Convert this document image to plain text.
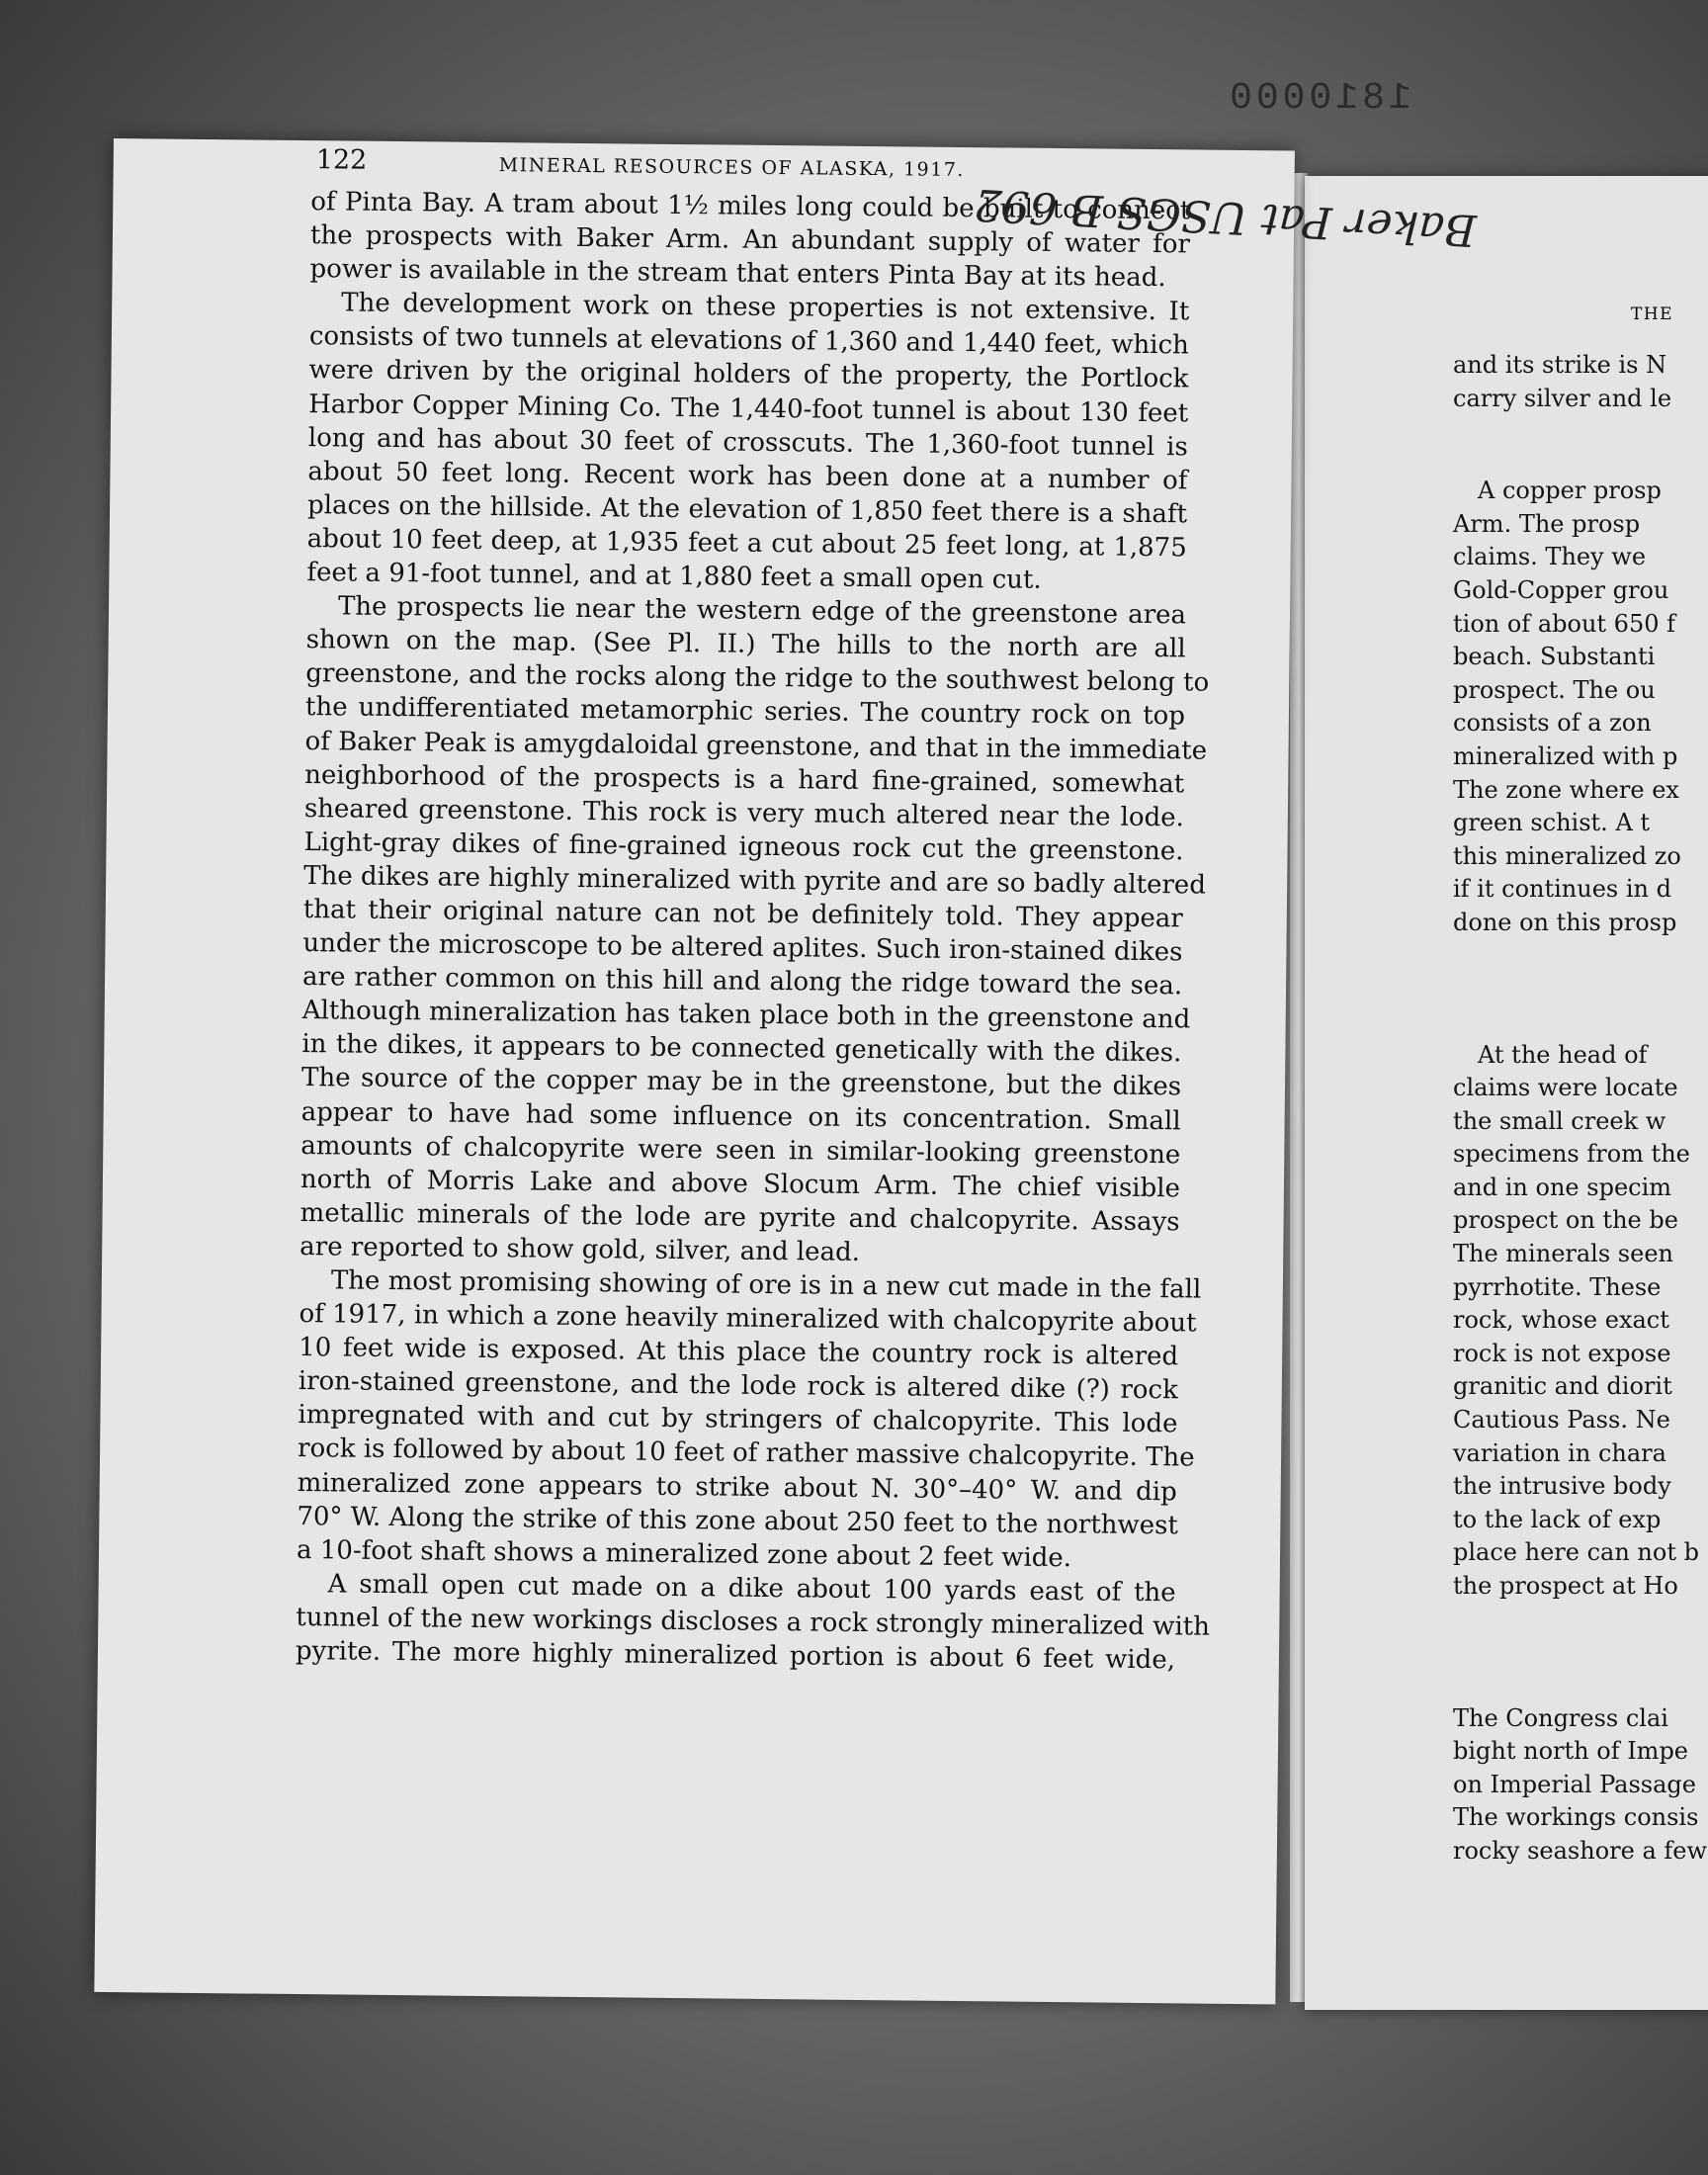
1810000
THE
and its strike is N
carry silver and le
A copper prosp
Arm. The prosp
claims. They we
Gold-Copper grou
tion of about 650 f
beach. Substanti
prospect. The ou
consists of a zon
mineralized with p
The zone where ex
green schist. A t
this mineralized zo
if it continues in d
done on this prosp
At the head of
claims were locate
the small creek w
specimens from the
and in one specim
prospect on the be
The minerals seen
pyrrhotite. These
rock, whose exact
rock is not expose
granitic and diorit
Cautious Pass. Ne
variation in chara
the intrusive body
to the lack of exp
place here can not b
the prospect at Ho
The Congress clai
bight north of Impe
on Imperial Passage
The workings consis
rocky seashore a few
122	MINERAL RESOURCES OF ALASKA, 1917.
of Pinta Bay. A tram about 1½ miles long could be built to connect
the prospects with Baker Arm. An abundant supply of water for
power is available in the stream that enters Pinta Bay at its head.
The development work on these properties is not extensive. It
consists of two tunnels at elevations of 1,360 and 1,440 feet, which
were driven by the original holders of the property, the Portlock
Harbor Copper Mining Co. The 1,440-foot tunnel is about 130 feet
long and has about 30 feet of crosscuts. The 1,360-foot tunnel is
about 50 feet long. Recent work has been done at a number of
places on the hillside. At the elevation of 1,850 feet there is a shaft
about 10 feet deep, at 1,935 feet a cut about 25 feet long, at 1,875
feet a 91-foot tunnel, and at 1,880 feet a small open cut.
The prospects lie near the western edge of the greenstone area
shown on the map. (See Pl. II.) The hills to the north are all
greenstone, and the rocks along the ridge to the southwest belong to
the undifferentiated metamorphic series. The country rock on top
of Baker Peak is amygdaloidal greenstone, and that in the immediate
neighborhood of the prospects is a hard fine-grained, somewhat
sheared greenstone. This rock is very much altered near the lode.
Light-gray dikes of fine-grained igneous rock cut the greenstone.
The dikes are highly mineralized with pyrite and are so badly altered
that their original nature can not be definitely told. They appear
under the microscope to be altered aplites. Such iron-stained dikes
are rather common on this hill and along the ridge toward the sea.
Although mineralization has taken place both in the greenstone and
in the dikes, it appears to be connected genetically with the dikes.
The source of the copper may be in the greenstone, but the dikes
appear to have had some influence on its concentration. Small
amounts of chalcopyrite were seen in similar-looking greenstone
north of Morris Lake and above Slocum Arm. The chief visible
metallic minerals of the lode are pyrite and chalcopyrite. Assays
are reported to show gold, silver, and lead.
The most promising showing of ore is in a new cut made in the fall
of 1917, in which a zone heavily mineralized with chalcopyrite about
10 feet wide is exposed. At this place the country rock is altered
iron-stained greenstone, and the lode rock is altered dike (?) rock
impregnated with and cut by stringers of chalcopyrite. This lode
rock is followed by about 10 feet of rather massive chalcopyrite. The
mineralized zone appears to strike about N. 30°–40° W. and dip
70° W. Along the strike of this zone about 250 feet to the northwest
a 10-foot shaft shows a mineralized zone about 2 feet wide.
A small open cut made on a dike about 100 yards east of the
tunnel of the new workings discloses a rock strongly mineralized with
pyrite. The more highly mineralized portion is about 6 feet wide,
Baker Pat USGS B 692
